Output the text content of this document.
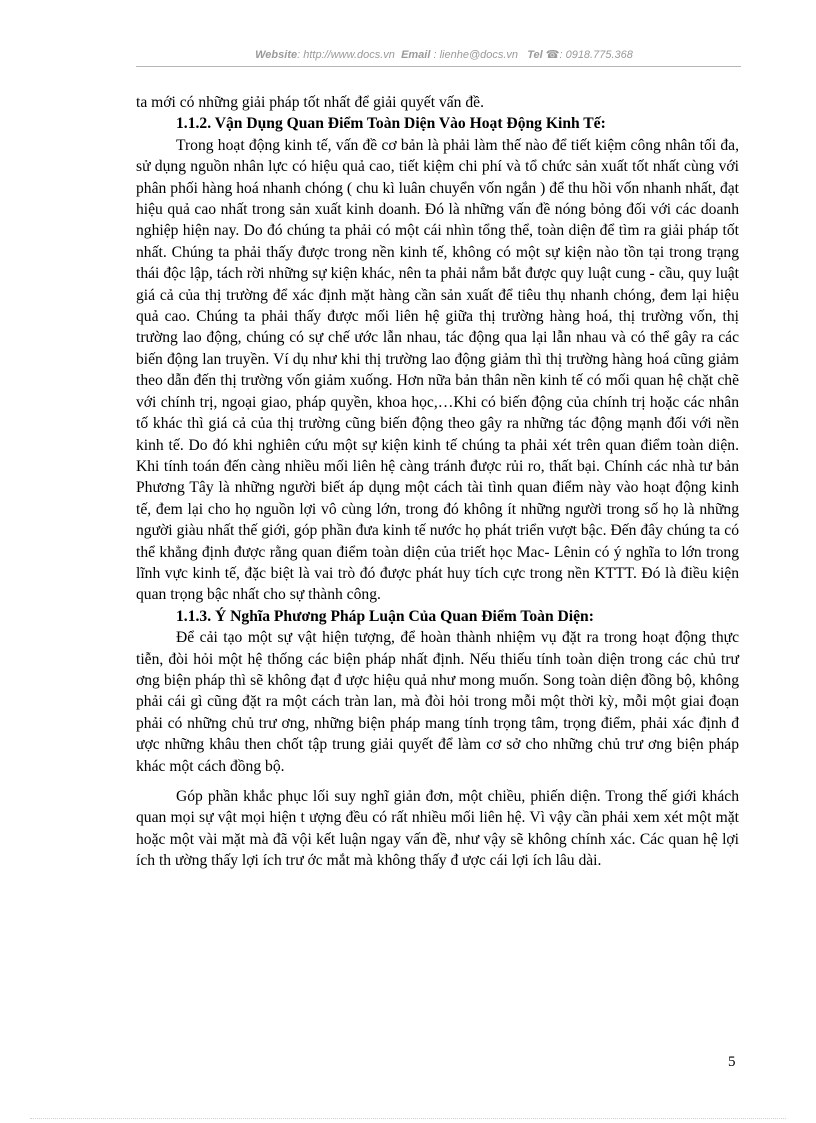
Website: http://www.docs.vn Email : lienhe@docs.vn Tel ☎: 0918.775.368

ta mới có những giải pháp tốt nhất để giải quyết vấn đề.

1.1.2. Vận Dụng Quan Điểm Toàn Diện Vào Hoạt Động Kinh Tế:

Trong hoạt động kinh tế, vấn đề cơ bản là phải làm thế nào để tiết kiệm công nhân tối đa, sử dụng nguồn nhân lực có hiệu quả cao, tiết kiệm chi phí và tổ chức sản xuất tốt nhất cùng với phân phối hàng hoá nhanh chóng ( chu kì luân chuyển vốn ngắn ) để thu hồi vốn nhanh nhất, đạt hiệu quả cao nhất trong sản xuất kinh doanh. Đó là những vấn đề nóng bỏng đối với các doanh nghiệp hiện nay. Do đó chúng ta phải có một cái nhìn tổng thể, toàn diện để tìm ra giải pháp tốt nhất. Chúng ta phải thấy được trong nền kinh tế, không có một sự kiện nào tồn tại trong trạng thái độc lập, tách rời những sự kiện khác, nên ta phải nắm bắt được quy luật cung - cầu, quy luật giá cả của thị trường để xác định mặt hàng cần sản xuất để tiêu thụ nhanh chóng, đem lại hiệu quả cao. Chúng ta phải thấy được mối liên hệ giữa thị trường hàng hoá, thị trường vốn, thị trường lao động, chúng có sự chế ước lẫn nhau, tác động qua lại lẫn nhau và có thể gây ra các biến động lan truyền. Ví dụ như khi thị trường lao động giảm thì thị trường hàng hoá cũng giảm theo dẫn đến thị trường vốn giảm xuống. Hơn nữa bản thân nền kinh tế có mối quan hệ chặt chẽ với chính trị, ngoại giao, pháp quyền, khoa học,…Khi có biến động của chính trị hoặc các nhân tố khác thì giá cả của thị trường cũng biến động theo gây ra những tác động mạnh đối với nền kinh tế. Do đó khi nghiên cứu một sự kiện kinh tế chúng ta phải xét trên quan điểm toàn diện. Khi tính toán đến càng nhiều mối liên hệ càng tránh được rủi ro, thất bại. Chính các nhà tư bản Phương Tây là những người biết áp dụng một cách tài tình quan điểm này vào hoạt động kinh tế, đem lại cho họ nguồn lợi vô cùng lớn, trong đó không ít những người trong số họ là những người giàu nhất thế giới, góp phần đưa kinh tế nước họ phát triển vượt bậc. Đến đây chúng ta có thể khẳng định được rằng quan điểm toàn diện của triết học Mac- Lênin có ý nghĩa to lớn trong lĩnh vực kinh tế, đặc biệt là vai trò đó được phát huy tích cực trong nền KTTT. Đó là điều kiện quan trọng bậc nhất cho sự thành công.

1.1.3. Ý Nghĩa Phương Pháp Luận Của Quan Điểm Toàn Diện:

Để cải tạo một sự vật hiện tượng, để hoàn thành nhiệm vụ đặt ra trong hoạt động thực tiễn, đòi hỏi một hệ thống các biện pháp nhất định. Nếu thiếu tính toàn diện trong các chủ trư ơng biện pháp thì sẽ không đạt đ ược hiệu quả như mong muốn. Song toàn diện đồng bộ, không phải cái gì cũng đặt ra một cách tràn lan, mà đòi hỏi trong mỗi một thời kỳ, mỗi một giai đoạn phải có những chủ trư ơng, những biện pháp mang tính trọng tâm, trọng điểm, phải xác định đ ược những khâu then chốt tập trung giải quyết để làm cơ sở cho những chủ trư ơng biện pháp khác một cách đồng bộ.

Góp phần khắc phục lối suy nghĩ giản đơn, một chiều, phiến diện. Trong thế giới khách quan mọi sự vật mọi hiện t ượng đều có rất nhiều mối liên hệ. Vì vậy cần phải xem xét một mặt hoặc một vài mặt mà đã vội kết luận ngay vấn đề, như vậy sẽ không chính xác. Các quan hệ lợi ích th ường thấy lợi ích trư ớc mắt mà không thấy đ ược cái lợi ích lâu dài.

5
